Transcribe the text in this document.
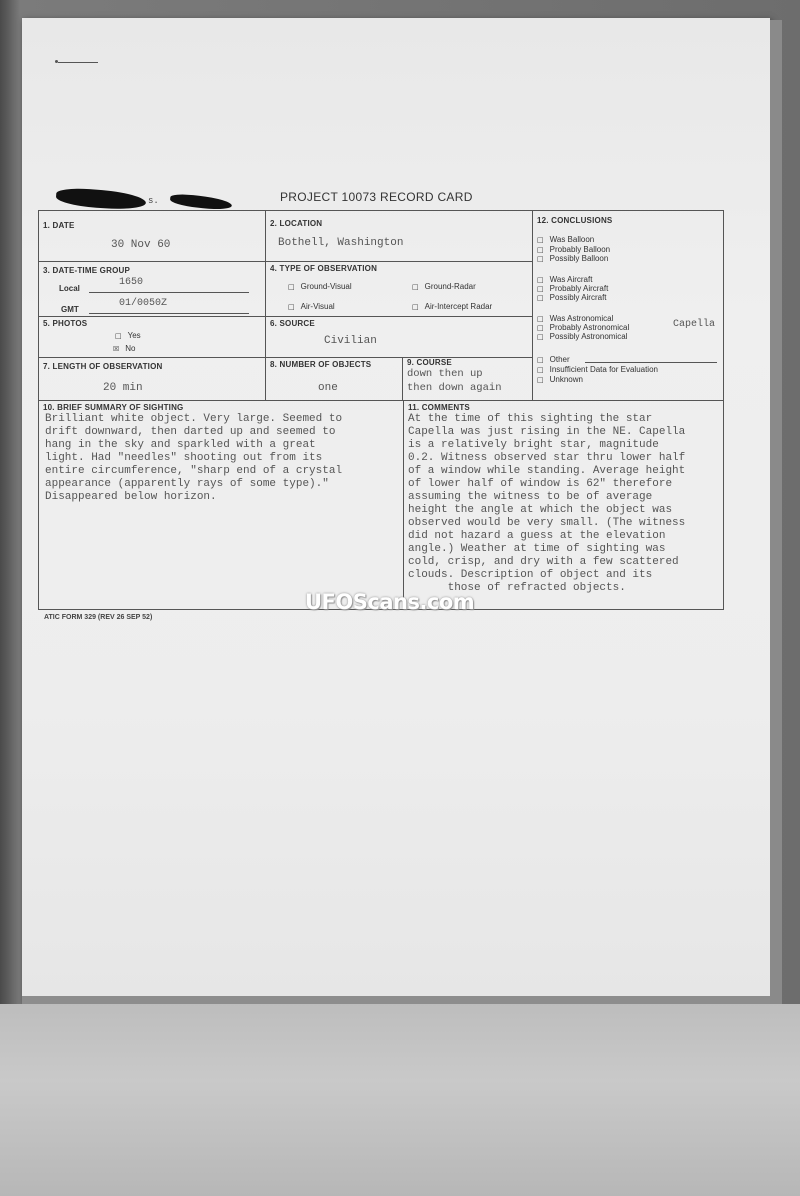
s.	PROJECT 10073 RECORD CARD
1. DATE
30 Nov 60
2. LOCATION
Bothell, Washington
3. DATE-TIME GROUP
Local
1650
GMT
01/0050Z
4. TYPE OF OBSERVATION
□ Ground-Visual	□ Ground-Radar
□ Air-Visual	□ Air-Intercept Radar
5. PHOTOS
□ Yes
☒ No
6. SOURCE
Civilian
7. LENGTH OF OBSERVATION
20 min
8. NUMBER OF OBJECTS
one
9. COURSE
down then up
then down again
12. CONCLUSIONS
□ Was Balloon
□ Probably Balloon
□ Possibly Balloon
□ Was Aircraft
□ Probably Aircraft
□ Possibly Aircraft
□ Was Astronomical
□ Probably Astronomical	Capella
□ Possibly Astronomical
□ Other
□ Insufficient Data for Evaluation
□ Unknown
10. BRIEF SUMMARY OF SIGHTING
Brilliant white object. Very large. Seemed to
drift downward, then darted up and seemed to
hang in the sky and sparkled with a great
light. Had "needles" shooting out from its
entire circumference, "sharp end of a crystal
appearance (apparently rays of some type)."
Disappeared below horizon.
11. COMMENTS
At the time of this sighting the star
Capella was just rising in the NE. Capella
is a relatively bright star, magnitude
0.2. Witness observed star thru lower half
of a window while standing. Average height
of lower half of window is 62" therefore
assuming the witness to be of average
height the angle at which the object was
observed would be very small. (The witness
did not hazard a guess at the elevation
angle.) Weather at time of sighting was
cold, crisp, and dry with a few scattered
clouds. Description of object and its
those of refracted objects.
ATIC FORM 329 (REV 26 SEP 52)
UFOScans.com
